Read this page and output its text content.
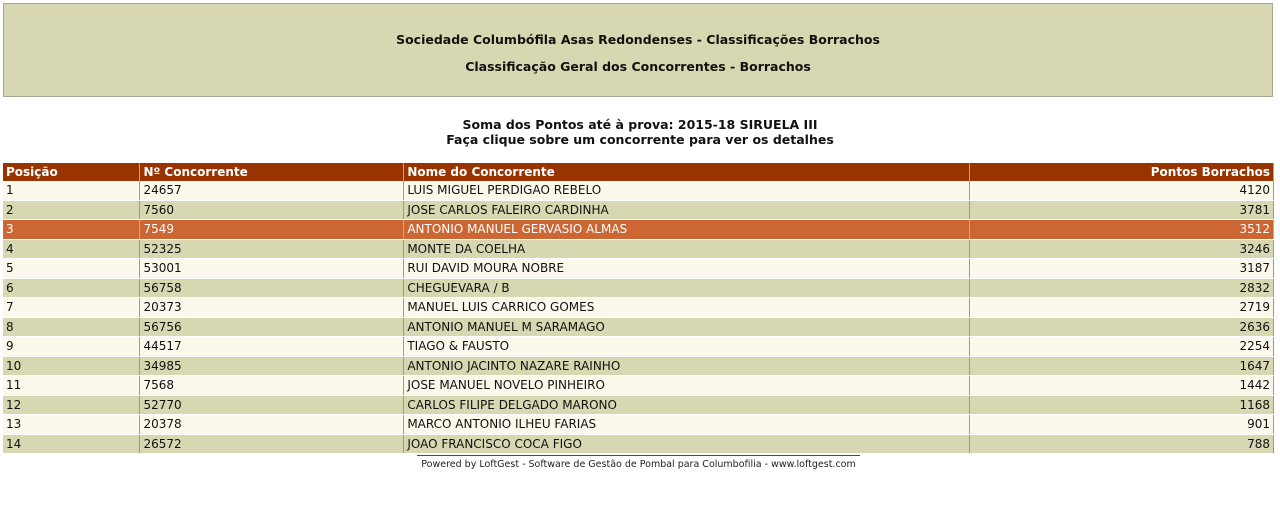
Sociedade Columbófila Asas Redondenses - Classificações Borrachos
Classificação Geral dos Concorrentes - Borrachos
Soma dos Pontos até à prova: 2015-18 SIRUELA III
Faça clique sobre um concorrente para ver os detalhes
Posição	Nº Concorrente	Nome do Concorrente	Pontos Borrachos
1	24657	LUIS MIGUEL PERDIGAO REBELO	4120
2	7560	JOSE CARLOS FALEIRO CARDINHA	3781
3	7549	ANTONIO MANUEL GERVASIO ALMAS	3512
4	52325	MONTE DA COELHA	3246
5	53001	RUI DAVID MOURA NOBRE	3187
6	56758	CHEGUEVARA / B	2832
7	20373	MANUEL LUIS CARRICO GOMES	2719
8	56756	ANTONIO MANUEL M SARAMAGO	2636
9	44517	TIAGO & FAUSTO	2254
10	34985	ANTONIO JACINTO NAZARE RAINHO	1647
11	7568	JOSE MANUEL NOVELO PINHEIRO	1442
12	52770	CARLOS FILIPE DELGADO MARONO	1168
13	20378	MARCO ANTONIO ILHEU FARIAS	901
14	26572	JOAO FRANCISCO COCA FIGO	788
Powered by LoftGest - Software de Gestão de Pombal para Columbofilia - www.loftgest.com
